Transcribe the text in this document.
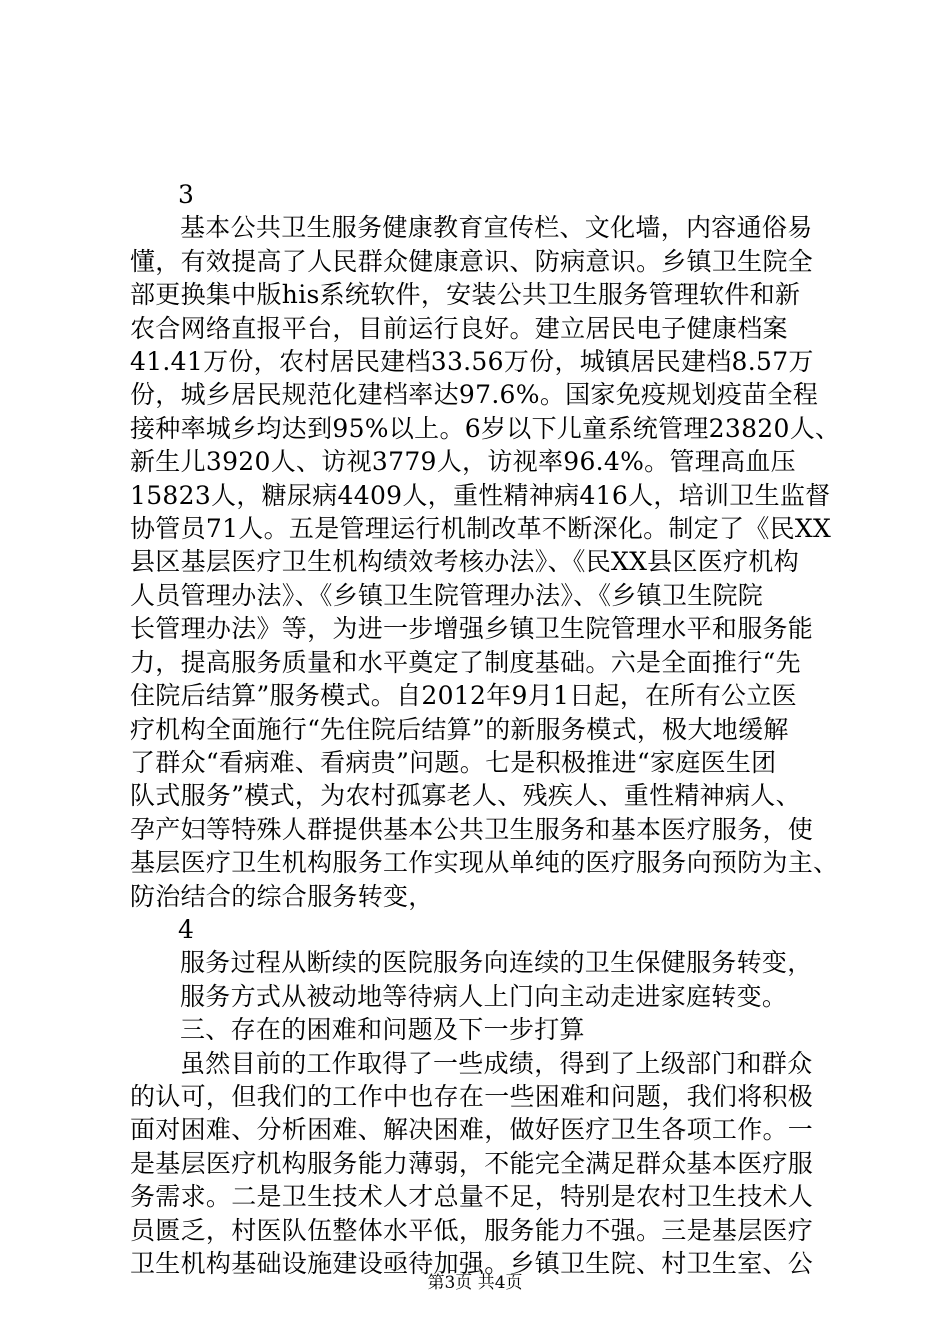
3
基本公共卫生服务健康教育宣传栏、文化墙，内容通俗易
懂，有效提高了人民群众健康意识、防病意识。乡镇卫生院全
部更换集中版his系统软件，安装公共卫生服务管理软件和新
农合网络直报平台，目前运行良好。建立居民电子健康档案
41.41万份，农村居民建档33.56万份，城镇居民建档8.57万
份，城乡居民规范化建档率达97.6%。国家免疫规划疫苗全程
接种率城乡均达到95%以上。6岁以下儿童系统管理23820人、
新生儿3920人、访视3779人，访视率96.4%。管理高血压
15823人，糖尿病4409人，重性精神病416人，培训卫生监督
协管员71人。五是管理运行机制改革不断深化。制定了《民XX
县区基层医疗卫生机构绩效考核办法》、《民XX县区医疗机构
人员管理办法》、《乡镇卫生院管理办法》、《乡镇卫生院院
长管理办法》等，为进一步增强乡镇卫生院管理水平和服务能
力，提高服务质量和水平奠定了制度基础。六是全面推行“先
住院后结算”服务模式。自2012年9月1日起，在所有公立医
疗机构全面施行“先住院后结算”的新服务模式，极大地缓解
了群众“看病难、看病贵”问题。七是积极推进“家庭医生团
队式服务”模式，为农村孤寡老人、残疾人、重性精神病人、
孕产妇等特殊人群提供基本公共卫生服务和基本医疗服务，使
基层医疗卫生机构服务工作实现从单纯的医疗服务向预防为主、
防治结合的综合服务转变，
4
服务过程从断续的医院服务向连续的卫生保健服务转变，
服务方式从被动地等待病人上门向主动走进家庭转变。
三、存在的困难和问题及下一步打算
虽然目前的工作取得了一些成绩，得到了上级部门和群众
的认可，但我们的工作中也存在一些困难和问题，我们将积极
面对困难、分析困难、解决困难，做好医疗卫生各项工作。一
是基层医疗机构服务能力薄弱，不能完全满足群众基本医疗服
务需求。二是卫生技术人才总量不足，特别是农村卫生技术人
员匮乏，村医队伍整体水平低，服务能力不强。三是基层医疗
卫生机构基础设施建设亟待加强。乡镇卫生院、村卫生室、公
第3页 共4页
